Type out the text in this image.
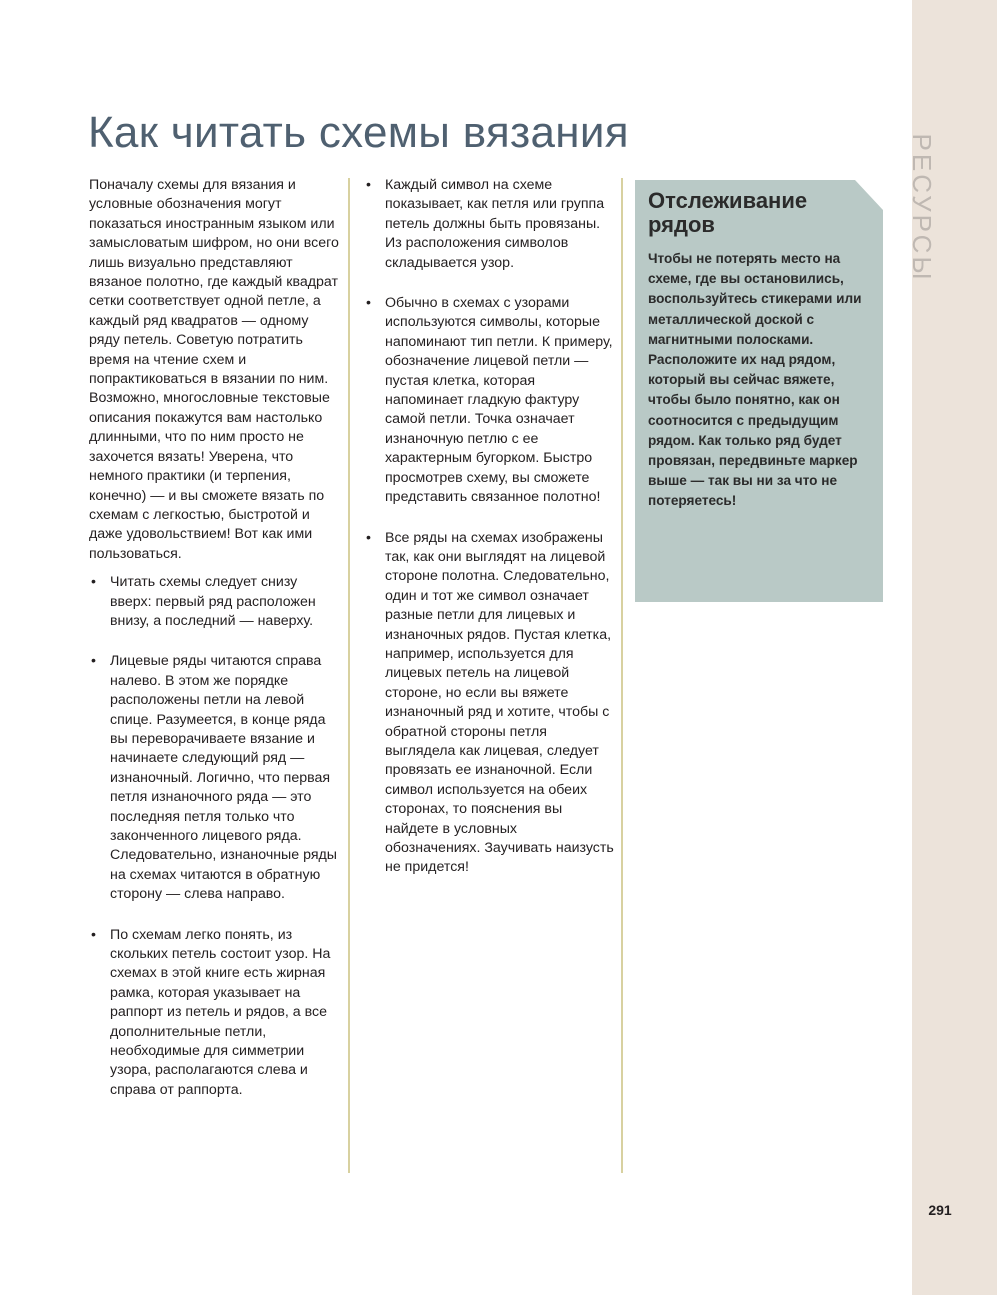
РЕСУРСЫ
Как читать схемы вязания

Поначалу схемы для вязания и условные обозначения могут показаться иностранным языком или замысловатым шифром, но они всего лишь визуально представляют вязаное полотно, где каждый квадрат сетки соответствует одной петле, а каждый ряд квадратов — одному ряду петель. Советую потратить время на чтение схем и попрактиковаться в вязании по ним. Возможно, многословные текстовые описания покажутся вам настолько длинными, что по ним просто не захочется вязать! Уверена, что немного практики (и терпения, конечно) — и вы сможете вязать по схемам с легкостью, быстротой и даже удовольствием! Вот как ими пользоваться.

• Читать схемы следует снизу вверх: первый ряд расположен внизу, а последний — наверху.
• Лицевые ряды читаются справа налево. В этом же порядке расположены петли на левой спице. Разумеется, в конце ряда вы переворачиваете вязание и начинаете следующий ряд — изнаночный. Логично, что первая петля изнаночного ряда — это последняя петля только что законченного лицевого ряда. Следовательно, изнаночные ряды на схемах читаются в обратную сторону — слева направо.
• По схемам легко понять, из скольких петель состоит узор. На схемах в этой книге есть жирная рамка, которая указывает на раппорт из петель и рядов, а все дополнительные петли, необходимые для симметрии узора, располагаются слева и справа от раппорта.
• Каждый символ на схеме показывает, как петля или группа петель должны быть провязаны. Из расположения символов складывается узор.
• Обычно в схемах с узорами используются символы, которые напоминают тип петли. К примеру, обозначение лицевой петли — пустая клетка, которая напоминает гладкую фактуру самой петли. Точка означает изнаночную петлю с ее характерным бугорком. Быстро просмотрев схему, вы сможете представить связанное полотно!
• Все ряды на схемах изображены так, как они выглядят на лицевой стороне полотна. Следовательно, один и тот же символ означает разные петли для лицевых и изнаночных рядов. Пустая клетка, например, используется для лицевых петель на лицевой стороне, но если вы вяжете изнаночный ряд и хотите, чтобы с обратной стороны петля выглядела как лицевая, следует провязать ее изнаночной. Если символ используется на обеих сторонах, то пояснения вы найдете в условных обозначениях. Заучивать наизусть не придется!
Отслеживание рядов

Чтобы не потерять место на схеме, где вы остановились, воспользуйтесь стикерами или металлической доской с магнитными полосками. Расположите их над рядом, который вы сейчас вяжете, чтобы было понятно, как он соотносится с предыдущим рядом. Как только ряд будет провязан, передвиньте маркер выше — так вы ни за что не потеряетесь!

291
